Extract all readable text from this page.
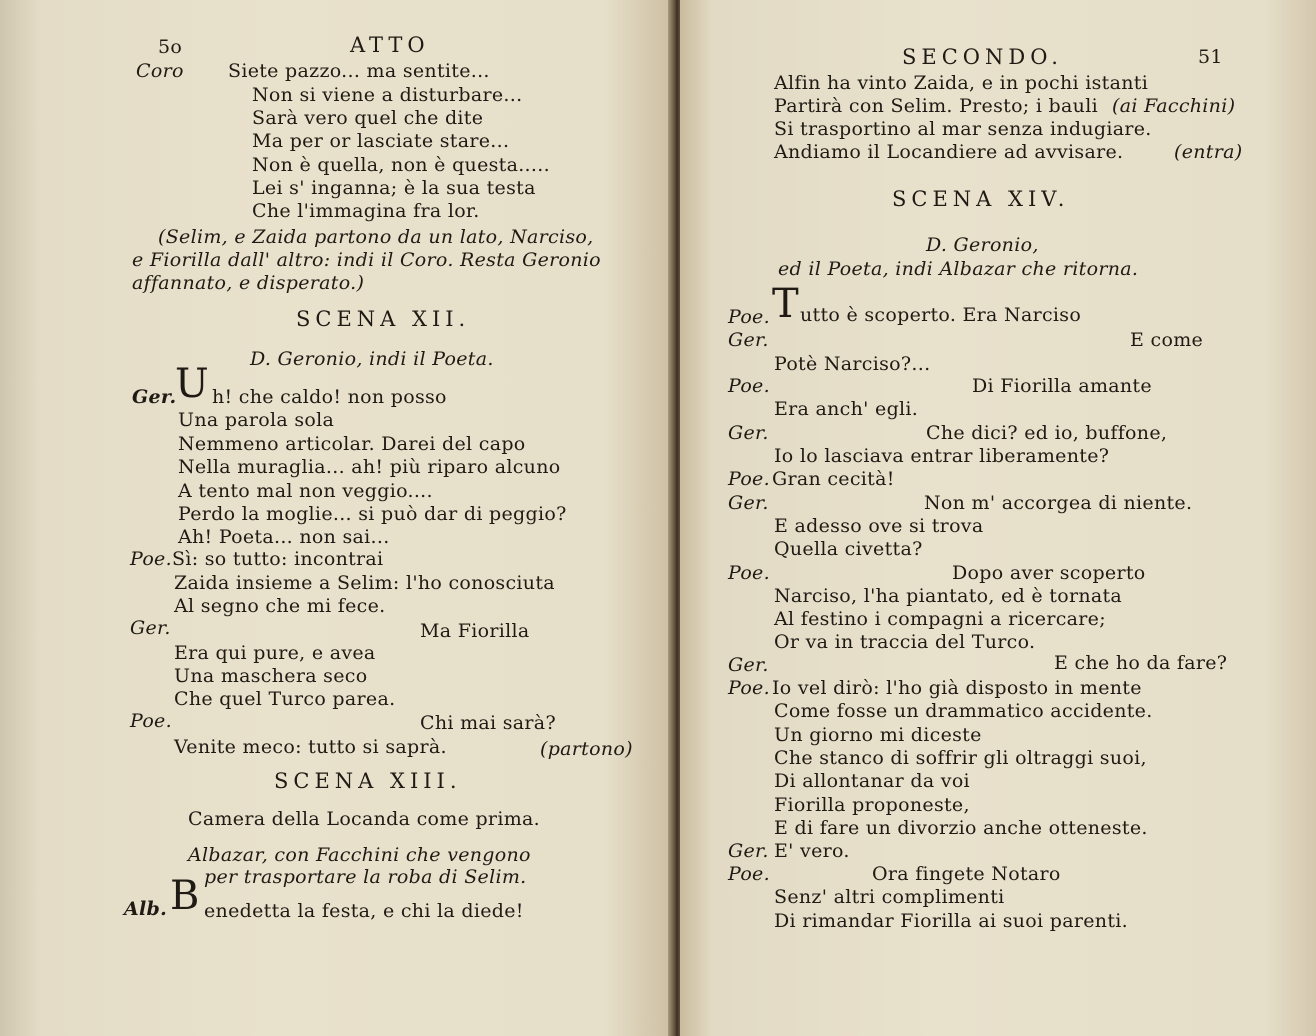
5o	ATTO
Coro Siete pazzo... ma sentite...
Non si viene a disturbare...
Sarà vero quel che dite
Ma per or lasciate stare...
Non è quella, non è questa.....
Lei s' inganna; è la sua testa
Che l'immagina fra lor.
(Selim, e Zaida partono da un lato, Narciso,
e Fiorilla dall' altro: indi il Coro. Resta Geronio
affannato, e disperato.)
SCENA XII.
D. Geronio, indi il Poeta.
Ger.
U h! che caldo! non posso
Una parola sola
Nemmeno articolar. Darei del capo
Nella muraglia... ah! più riparo alcuno
A tento mal non veggio....
Perdo la moglie... si può dar di peggio?
Ah! Poeta... non sai...
Poe. Sì: so tutto: incontrai
Zaida insieme a Selim: l'ho conosciuta
Al segno che mi fece.
Ger.	Ma Fiorilla
Era qui pure, e avea
Una maschera seco
Che quel Turco parea.
Poe.	Chi mai sarà?
Venite meco: tutto si saprà.	(partono)
SCENA XIII.
Camera della Locanda come prima.
Albazar, con Facchini che vengono
per trasportare la roba di Selim.
Alb. B enedetta la festa, e chi la diede!
SECONDO.	51
Alfin ha vinto Zaida, e in pochi istanti
Partirà con Selim. Presto; i bauli (ai Facchini)
Si trasportino al mar senza indugiare.
Andiamo il Locandiere ad avvisare.	(entra)
SCENA XIV.
D. Geronio,
ed il Poeta, indi Albazar che ritorna.
Poe. T utto è scoperto. Era Narciso
Ger.	E come
Potè Narciso?...
Poe.	Di Fiorilla amante
Era anch' egli.
Ger.	Che dici? ed io, buffone,
Io lo lasciava entrar liberamente?
Poe. Gran cecità!
Ger.	Non m' accorgea di niente.
E adesso ove si trova
Quella civetta?
Poe.	Dopo aver scoperto
Narciso, l'ha piantato, ed è tornata
Al festino i compagni a ricercare;
Or va in traccia del Turco.
Ger.	E che ho da fare?
Poe. Io vel dirò: l'ho già disposto in mente
Come fosse un drammatico accidente.
Un giorno mi diceste
Che stanco di soffrir gli oltraggi suoi,
Di allontanar da voi
Fiorilla proponeste,
E di fare un divorzio anche otteneste.
Ger. E' vero.
Poe.	Ora fingete Notaro
Senz' altri complimenti
Di rimandar Fiorilla ai suoi parenti.
